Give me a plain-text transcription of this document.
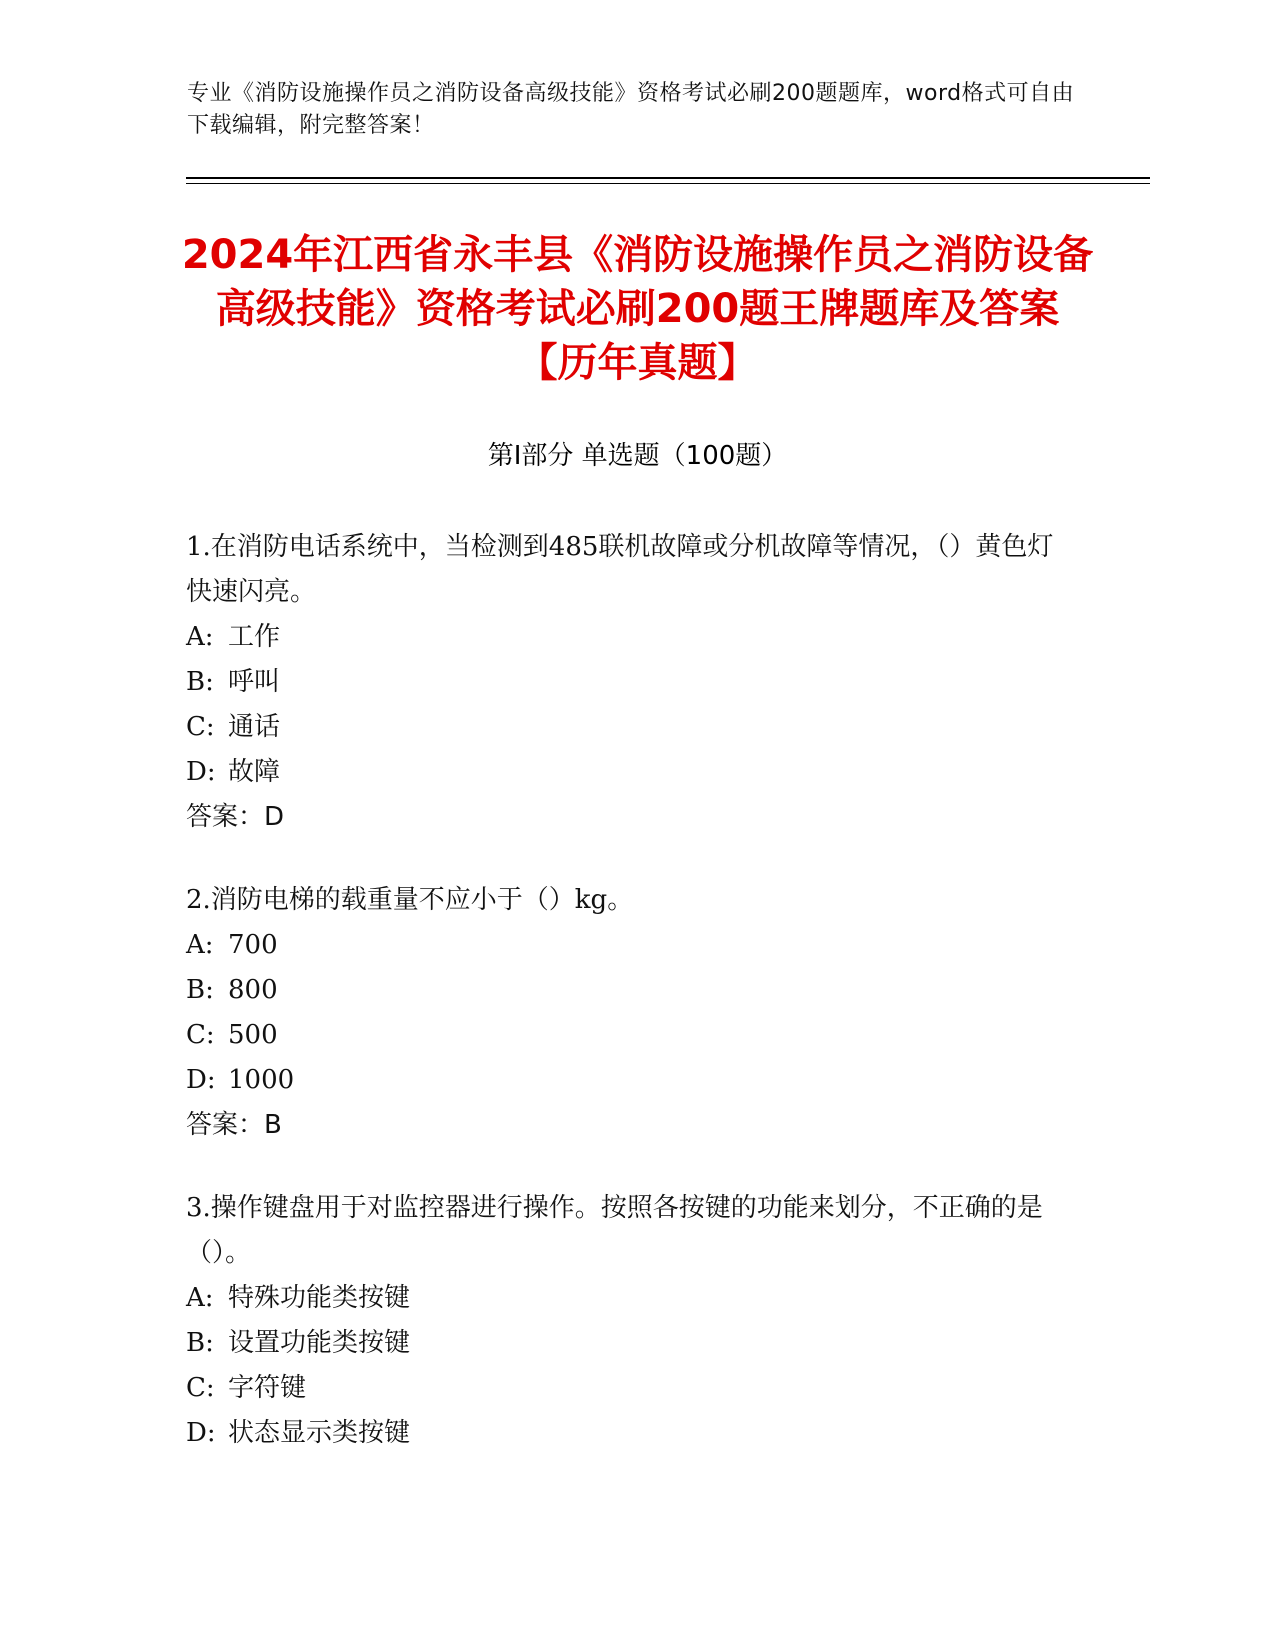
专业《消防设施操作员之消防设备高级技能》资格考试必刷200题题库，word格式可自由下载编辑，附完整答案！
2024年江西省永丰县《消防设施操作员之消防设备高级技能》资格考试必刷200题王牌题库及答案【历年真题】
第I部分 单选题（100题）

1.在消防电话系统中，当检测到485联机故障或分机故障等情况，（）黄色灯快速闪亮。

A: 工作

B: 呼叫

C: 通话

D: 故障

答案：D

2.消防电梯的载重量不应小于（）kg。

A: 700

B: 800

C: 500

D: 1000

答案：B

3.操作键盘用于对监控器进行操作。按照各按键的功能来划分，不正确的是（）。

A: 特殊功能类按键

B: 设置功能类按键

C: 字符键

D: 状态显示类按键
